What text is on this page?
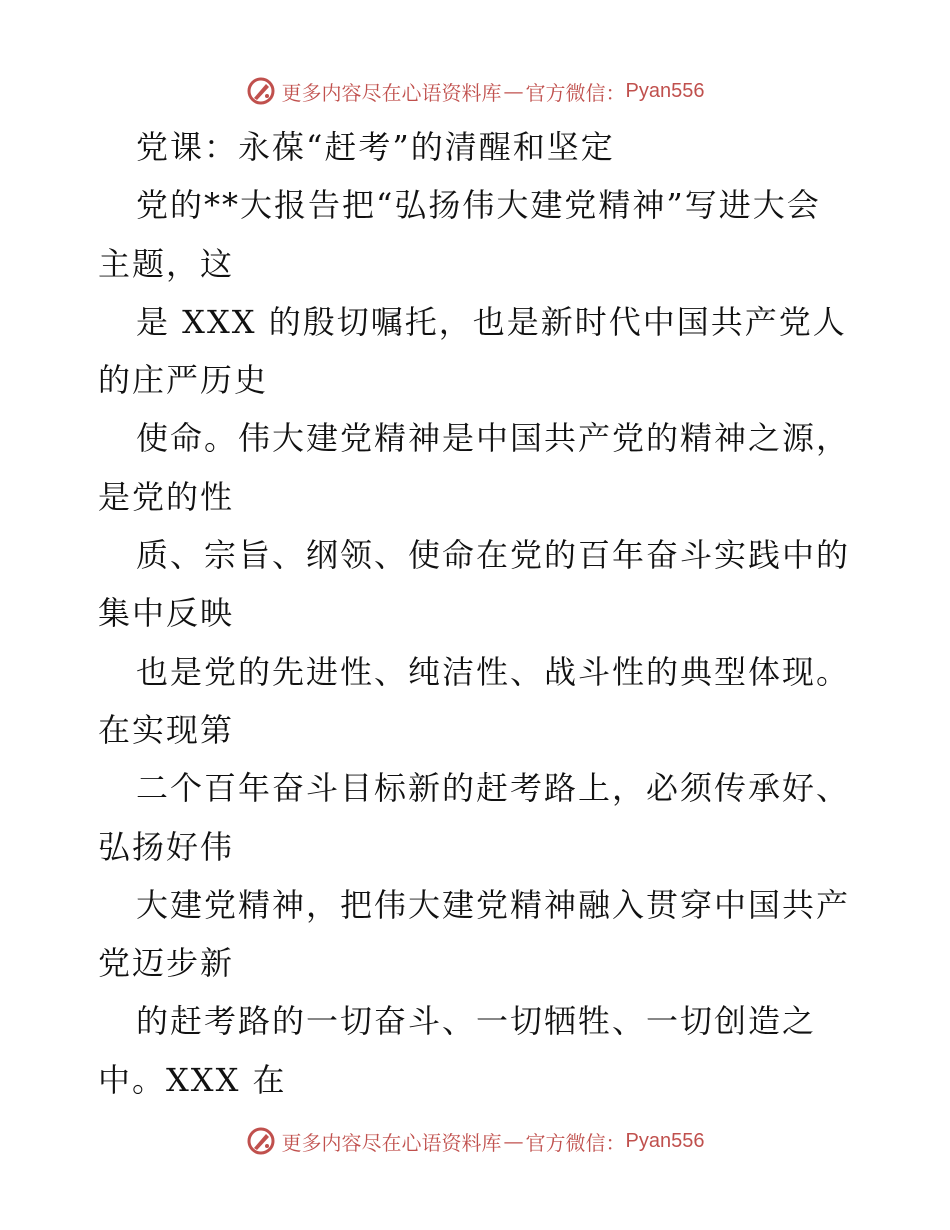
更多内容尽在心语资料库 — 官方微信： Pyan556
党课：永葆“赶考”的清醒和坚定
党的**大报告把“弘扬伟大建党精神”写进大会
主题，这
是 XXX 的殷切嘱托，也是新时代中国共产党人
的庄严历史
使命。伟大建党精神是中国共产党的精神之源，
是党的性
质、宗旨、纲领、使命在党的百年奋斗实践中的
集中反映
也是党的先进性、纯洁性、战斗性的典型体现。
在实现第
二个百年奋斗目标新的赶考路上，必须传承好、
弘扬好伟
大建党精神，把伟大建党精神融入贯穿中国共产
党迈步新
的赶考路的一切奋斗、一切牺牲、一切创造之
中。XXX 在
更多内容尽在心语资料库 — 官方微信： Pyan556
